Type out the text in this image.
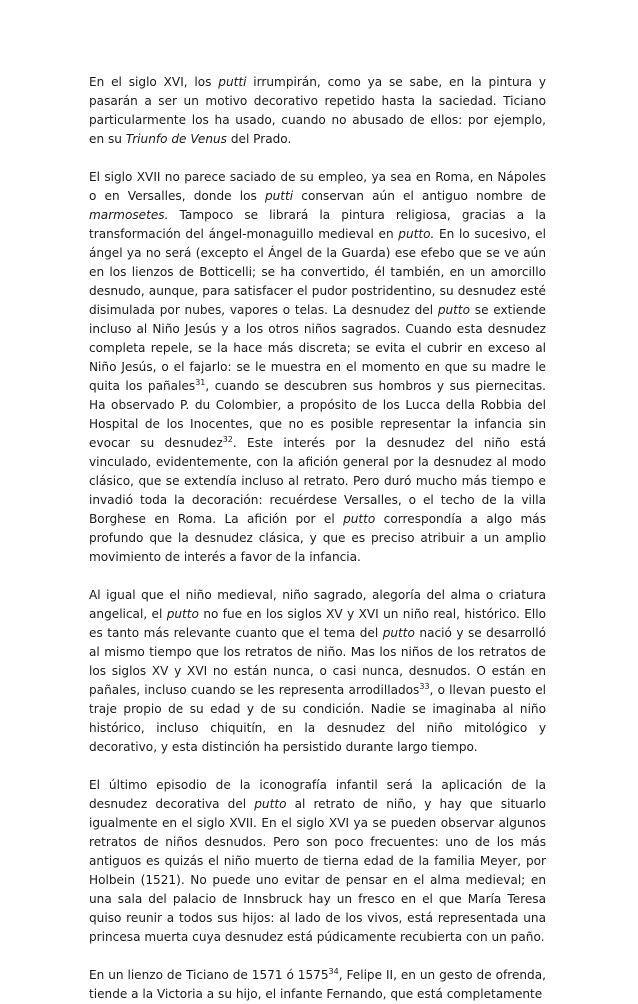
En el siglo XVI, los putti irrumpirán, como ya se sabe, en la pintura y pasarán a ser un motivo decorativo repetido hasta la saciedad. Ticiano particularmente los ha usado, cuando no abusado de ellos: por ejemplo, en su Triunfo de Venus del Prado.

El siglo XVII no parece saciado de su empleo, ya sea en Roma, en Nápoles o en Versalles, donde los putti conservan aún el antiguo nombre de marmosetes. Tampoco se librará la pintura religiosa, gracias a la transformación del ángel-monaguillo medieval en putto. En lo sucesivo, el ángel ya no será (excepto el Ángel de la Guarda) ese efebo que se ve aún en los lienzos de Botticelli; se ha convertido, él también, en un amorcillo desnudo, aunque, para satisfacer el pudor postridentino, su desnudez esté disimulada por nubes, vapores o telas. La desnudez del putto se extiende incluso al Niño Jesús y a los otros niños sagrados. Cuando esta desnudez completa repele, se la hace más discreta; se evita el cubrir en exceso al Niño Jesús, o el fajarlo: se le muestra en el momento en que su madre le quita los pañales$^{31}$, cuando se descubren sus hombros y sus piernecitas. Ha observado P. du Colombier, a propósito de los Lucca della Robbia del Hospital de los Inocentes, que no es posible representar la infancia sin evocar su desnudez$^{32}$. Este interés por la desnudez del niño está vinculado, evidentemente, con la afición general por la desnudez al modo clásico, que se extendía incluso al retrato. Pero duró mucho más tiempo e invadió toda la decoración: recuérdese Versalles, o el techo de la villa Borghese en Roma. La afición por el putto correspondía a algo más profundo que la desnudez clásica, y que es preciso atribuir a un amplio movimiento de interés a favor de la infancia.

Al igual que el niño medieval, niño sagrado, alegoría del alma o criatura angelical, el putto no fue en los siglos XV y XVI un niño real, histórico. Ello es tanto más relevante cuanto que el tema del putto nació y se desarrolló al mismo tiempo que los retratos de niño. Mas los niños de los retratos de los siglos XV y XVI no están nunca, o casi nunca, desnudos. O están en pañales, incluso cuando se les representa arrodillados$^{33}$, o llevan puesto el traje propio de su edad y de su condición. Nadie se imaginaba al niño histórico, incluso chiquitín, en la desnudez del niño mitológico y decorativo, y esta distinción ha persistido durante largo tiempo.

El último episodio de la iconografía infantil será la aplicación de la desnudez decorativa del putto al retrato de niño, y hay que situarlo igualmente en el siglo XVII. En el siglo XVI ya se pueden observar algunos retratos de niños desnudos. Pero son poco frecuentes: uno de los más antiguos es quizás el niño muerto de tierna edad de la familia Meyer, por Holbein (1521). No puede uno evitar de pensar en el alma medieval; en una sala del palacio de Innsbruck hay un fresco en el que María Teresa quiso reunir a todos sus hijos: al lado de los vivos, está representada una princesa muerta cuya desnudez está púdicamente recubierta con un paño.

En un lienzo de Ticiano de 1571 ó 1575$^{34}$, Felipe II, en un gesto de ofrenda, tiende a la Victoria a su hijo, el infante Fernando, que está completamente
